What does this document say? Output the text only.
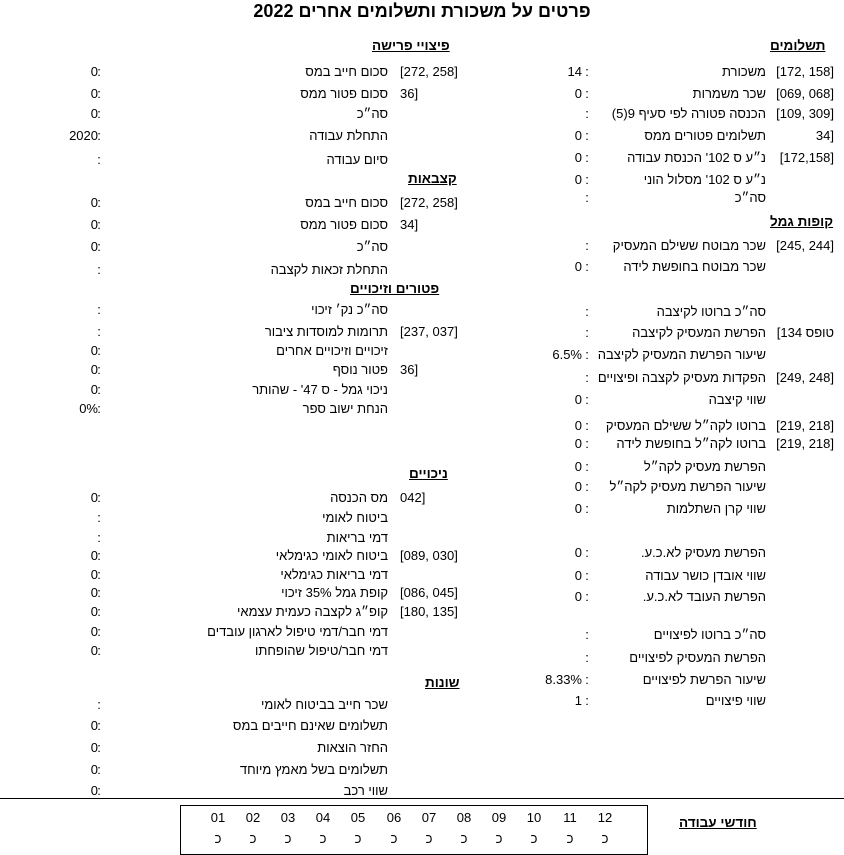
פרטים על משכורת ותשלומים אחרים 2022
תשלומים
פיצויי פרישה
קצבאות
קופות גמל
פטורים וזיכויים
ניכויים
שונות
חודשי עבודה
משכורת [172, 158]
:
14
שכר משמרות [069, 068]
:
0
הכנסה פטורה לפי סעיף 9(5) [109, 309]
:
תשלומים פטורים ממס	34]
:
0
נ״ע ס 102' הכנסת עבודה [172,158]
:
0
נ״ע ס 102' מסלול הוני
:
0
סה״כ
:
שכר מבוטח ששילם המעסיק [245, 244]
:
שכר מבוטח בחופשת לידה
:
0
סה״כ ברוטו לקיצבה
:
הפרשת המעסיק לקיצבה [טופס 134
:
שיעור הפרשת המעסיק לקיצבה
:
6.5%
הפקדות מעסיק לקצבה ופיצויים [249, 248]
:
שווי קיצבה
:
0
ברוטו לקה״ל ששילם המעסיק [219, 218]
:
0
ברוטו לקה״ל בחופשת לידה [219, 218]
:
0
הפרשת מעסיק לקה״ל
:
0
שיעור הפרשת מעסיק לקה״ל
:
0
שווי קרן השתלמות
:
0
הפרשת מעסיק לא.כ.ע.
:
0
שווי אובדן כושר עבודה
:
0
הפרשת העובד לא.כ.ע.
:
0
סה״כ ברוטו לפיצויים
:
הפרשת המעסיק לפיצויים
:
שיעור הפרשת לפיצויים
:
8.33%
שווי פיצויים
:
1
סכום חייב במס [272, 258]
:
0
סכום פטור ממס 36]
:
0
סה״כ
:
0
התחלת עבודה
:
2020
סיום עבודה
:
סכום חייב במס [272, 258]
:
0
סכום פטור ממס 34]
:
0
סה״כ
:
0
התחלת זכאות לקצבה
:
סה״כ נק׳ זיכוי
:
תרומות למוסדות ציבור [237, 037]
:
זיכויים וזיכויים אחרים
:
0
פטור נוסף 36]
:
0
ניכוי גמל - ס 47' - שהותר
:
0
הנחת ישוב ספר
:
0%
מס הכנסה 042]
:
0
ביטוח לאומי
:
דמי בריאות
:
ביטוח לאומי כגימלאי [089, 030]
:
0
דמי בריאות כגימלאי
:
0
קופת גמל 35% זיכוי [086, 045]
:
0
קופ״ג לקצבה כעמית עצמאי [180, 135]
:
0
דמי חבר/דמי טיפול לארגון עובדים
:
0
דמי חבר/טיפול שהופחתו
:
0
שכר חייב בביטוח לאומי
:
תשלומים שאינם חייבים במס
:
0
החזר הוצאות
:
0
תשלומים בשל מאמץ מיוחד
:
0
שווי רכב
:
0
01
כ
02
כ
03
כ
04
כ
05
כ
06
כ
07
כ
08
כ
09
כ
10
כ
11
כ
12
כ
